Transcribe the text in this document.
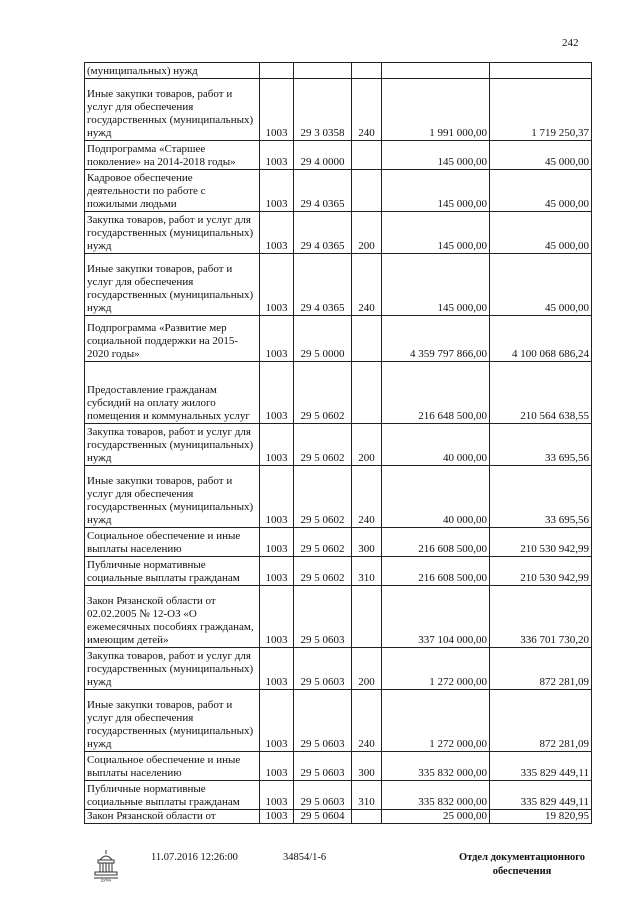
242
(муниципальных) нужд					
Иные закупки товаров, работ и услуг для обеспечения государственных (муниципальных) нужд	1003	29 3 0358	240	1 991 000,00	1 719 250,37
Подпрограмма «Старшее поколение» на 2014-2018 годы»	1003	29 4 0000		145 000,00	45 000,00
Кадровое обеспечение деятельности по работе с пожилыми людьми	1003	29 4 0365		145 000,00	45 000,00
Закупка товаров, работ и услуг для государственных (муниципальных) нужд	1003	29 4 0365	200	145 000,00	45 000,00
Иные закупки товаров, работ и услуг для обеспечения государственных (муниципальных) нужд	1003	29 4 0365	240	145 000,00	45 000,00
Подпрограмма «Развитие мер социальной поддержки на 2015-2020 годы»	1003	29 5 0000		4 359 797 866,00	4 100 068 686,24
Предоставление гражданам субсидий на оплату жилого помещения и коммунальных услуг	1003	29 5 0602		216 648 500,00	210 564 638,55
Закупка товаров, работ и услуг для государственных (муниципальных) нужд	1003	29 5 0602	200	40 000,00	33 695,56
Иные закупки товаров, работ и услуг для обеспечения государственных (муниципальных) нужд	1003	29 5 0602	240	40 000,00	33 695,56
Социальное обеспечение и иные выплаты населению	1003	29 5 0602	300	216 608 500,00	210 530 942,99
Публичные нормативные социальные выплаты гражданам	1003	29 5 0602	310	216 608 500,00	210 530 942,99
Закон Рязанской области от 02.02.2005 № 12-ОЗ «О ежемесячных пособиях гражданам, имеющим детей»	1003	29 5 0603		337 104 000,00	336 701 730,20
Закупка товаров, работ и услуг для государственных (муниципальных) нужд	1003	29 5 0603	200	1 272 000,00	872 281,09
Иные закупки товаров, работ и услуг для обеспечения государственных (муниципальных) нужд	1003	29 5 0603	240	1 272 000,00	872 281,09
Социальное обеспечение и иные выплаты населению	1003	29 5 0603	300	335 832 000,00	335 829 449,11
Публичные нормативные социальные выплаты гражданам	1003	29 5 0603	310	335 832 000,00	335 829 449,11
Закон Рязанской области от	1003	29 5 0604		25 000,00	19 820,95
ДУМА
11.07.2016 12:26:00	34854/1-6	Отдел документационного
обеспечения
